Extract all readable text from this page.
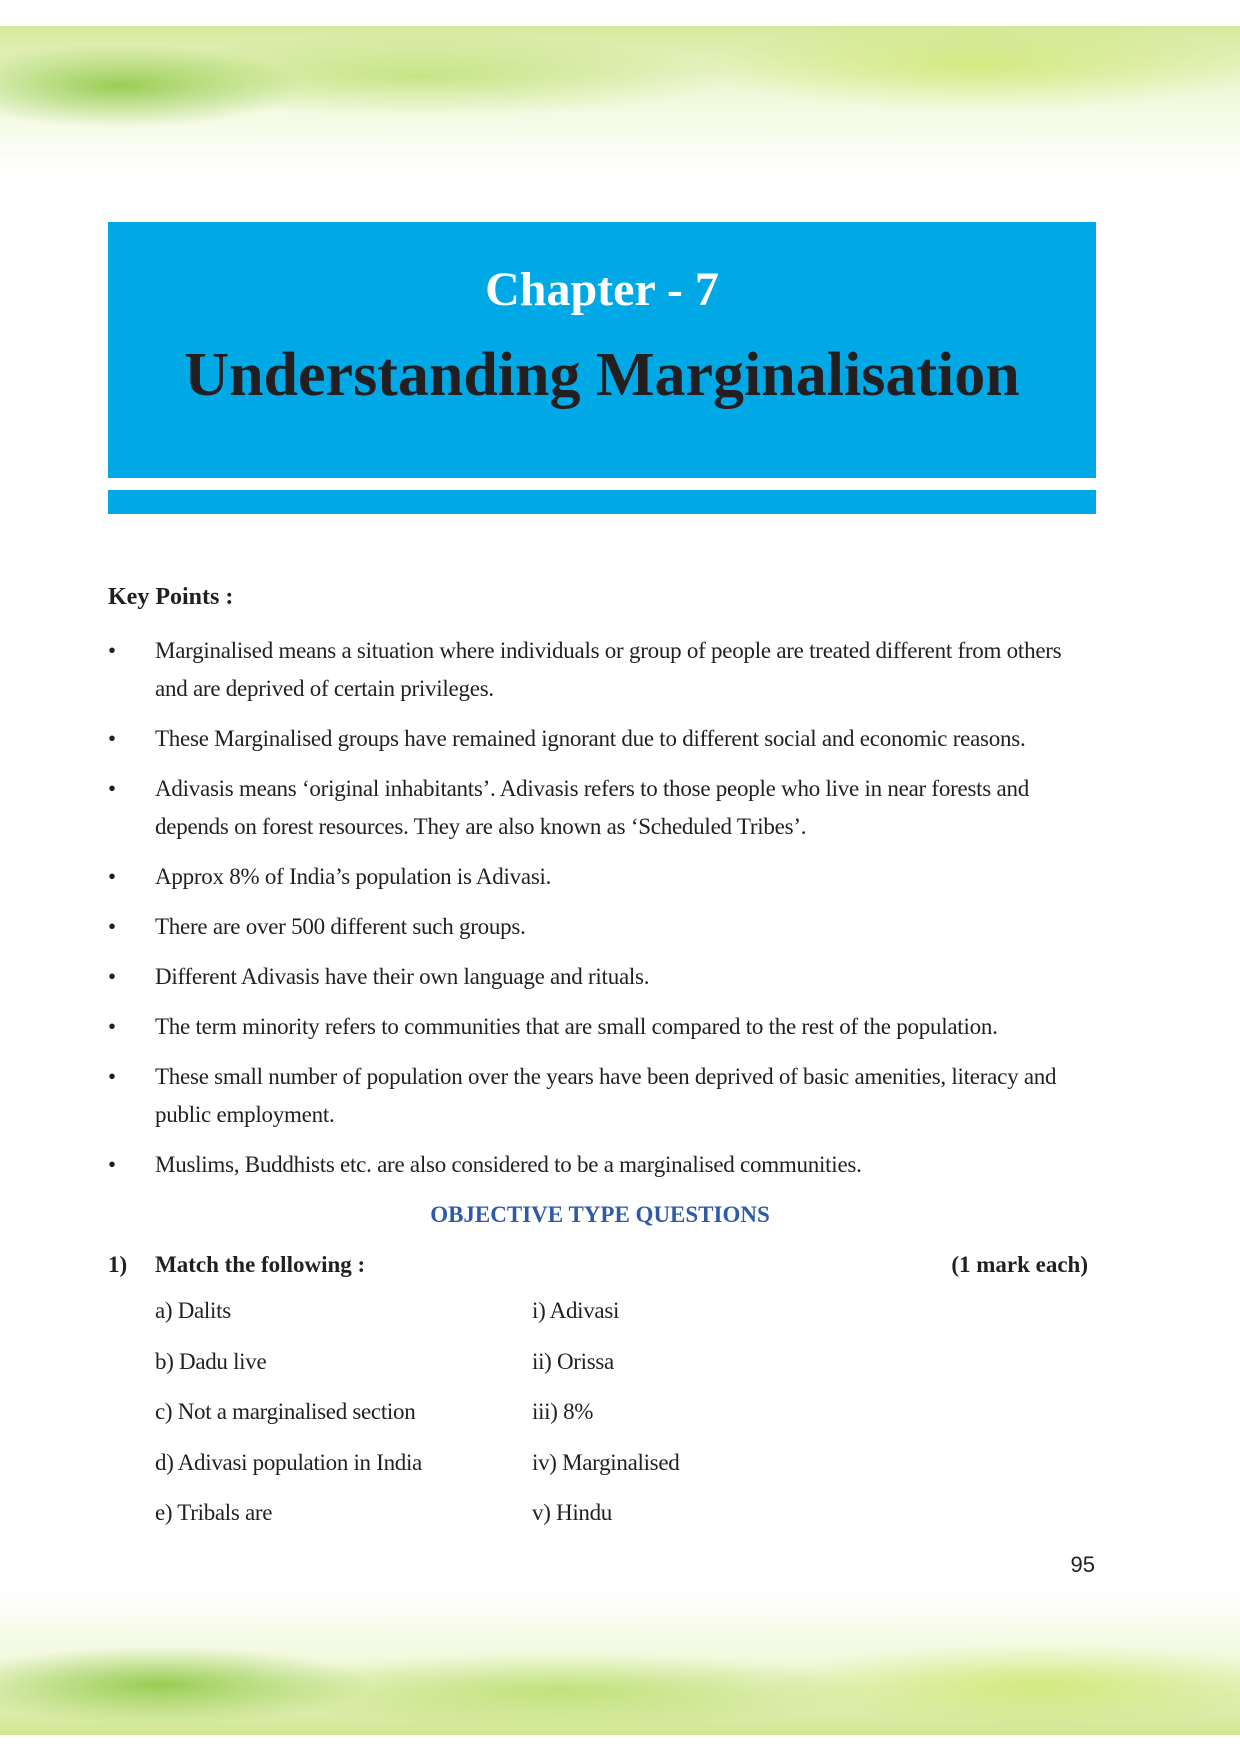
Chapter - 7
Understanding Marginalisation
Key Points :
• Marginalised means a situation where individuals or group of people are treated different from others and are deprived of certain privileges.
• These Marginalised groups have remained ignorant due to different social and economic reasons.
• Adivasis means ‘original inhabitants’. Adivasis refers to those people who live in near forests and depends on forest resources. They are also known as ‘Scheduled Tribes’.
• Approx 8% of India’s population is Adivasi.
• There are over 500 different such groups.
• Different Adivasis have their own language and rituals.
• The term minority refers to communities that are small compared to the rest of the population.
• These small number of population over the years have been deprived of basic amenities, literacy and public employment.
• Muslims, Buddhists etc. are also considered to be a marginalised communities.
OBJECTIVE TYPE QUESTIONS
1) Match the following :	(1 mark each)
a) Dalits	i) Adivasi
b) Dadu live	ii) Orissa
c) Not a marginalised section	iii) 8%
d) Adivasi population in India	iv) Marginalised
e) Tribals are	v) Hindu
95
